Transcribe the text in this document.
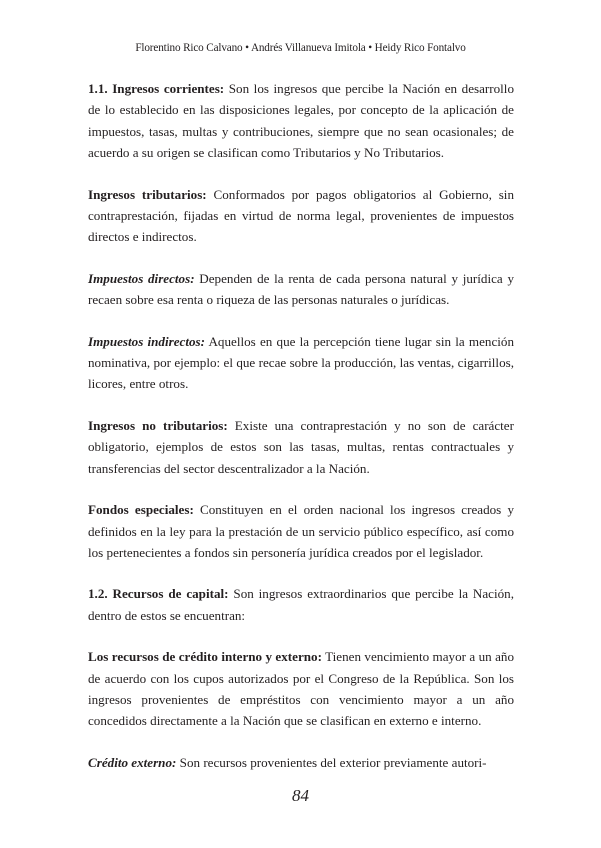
Florentino Rico Calvano • Andrés Villanueva Imitola • Heidy Rico Fontalvo

1.1. Ingresos corrientes: Son los ingresos que percibe la Nación en desarrollo de lo establecido en las disposiciones legales, por concepto de la aplicación de impuestos, tasas, multas y contribuciones, siempre que no sean ocasionales; de acuerdo a su origen se clasifican como Tributarios y No Tributarios.

Ingresos tributarios: Conformados por pagos obligatorios al Gobierno, sin contraprestación, fijadas en virtud de norma legal, provenientes de impuestos directos e indirectos.

Impuestos directos: Dependen de la renta de cada persona natural y jurídica y recaen sobre esa renta o riqueza de las personas naturales o jurídicas.

Impuestos indirectos: Aquellos en que la percepción tiene lugar sin la mención nominativa, por ejemplo: el que recae sobre la producción, las ventas, cigarrillos, licores, entre otros.

Ingresos no tributarios: Existe una contraprestación y no son de carácter obligatorio, ejemplos de estos son las tasas, multas, rentas contractuales y transferencias del sector descentralizador a la Nación.

Fondos especiales: Constituyen en el orden nacional los ingresos creados y definidos en la ley para la prestación de un servicio público específico, así como los pertenecientes a fondos sin personería jurídica creados por el legislador.

1.2. Recursos de capital: Son ingresos extraordinarios que percibe la Nación, dentro de estos se encuentran:

Los recursos de crédito interno y externo: Tienen vencimiento mayor a un año de acuerdo con los cupos autorizados por el Congreso de la República. Son los ingresos provenientes de empréstitos con vencimiento mayor a un año concedidos directamente a la Nación que se clasifican en externo e interno.

Crédito externo: Son recursos provenientes del exterior previamente autori-

84
